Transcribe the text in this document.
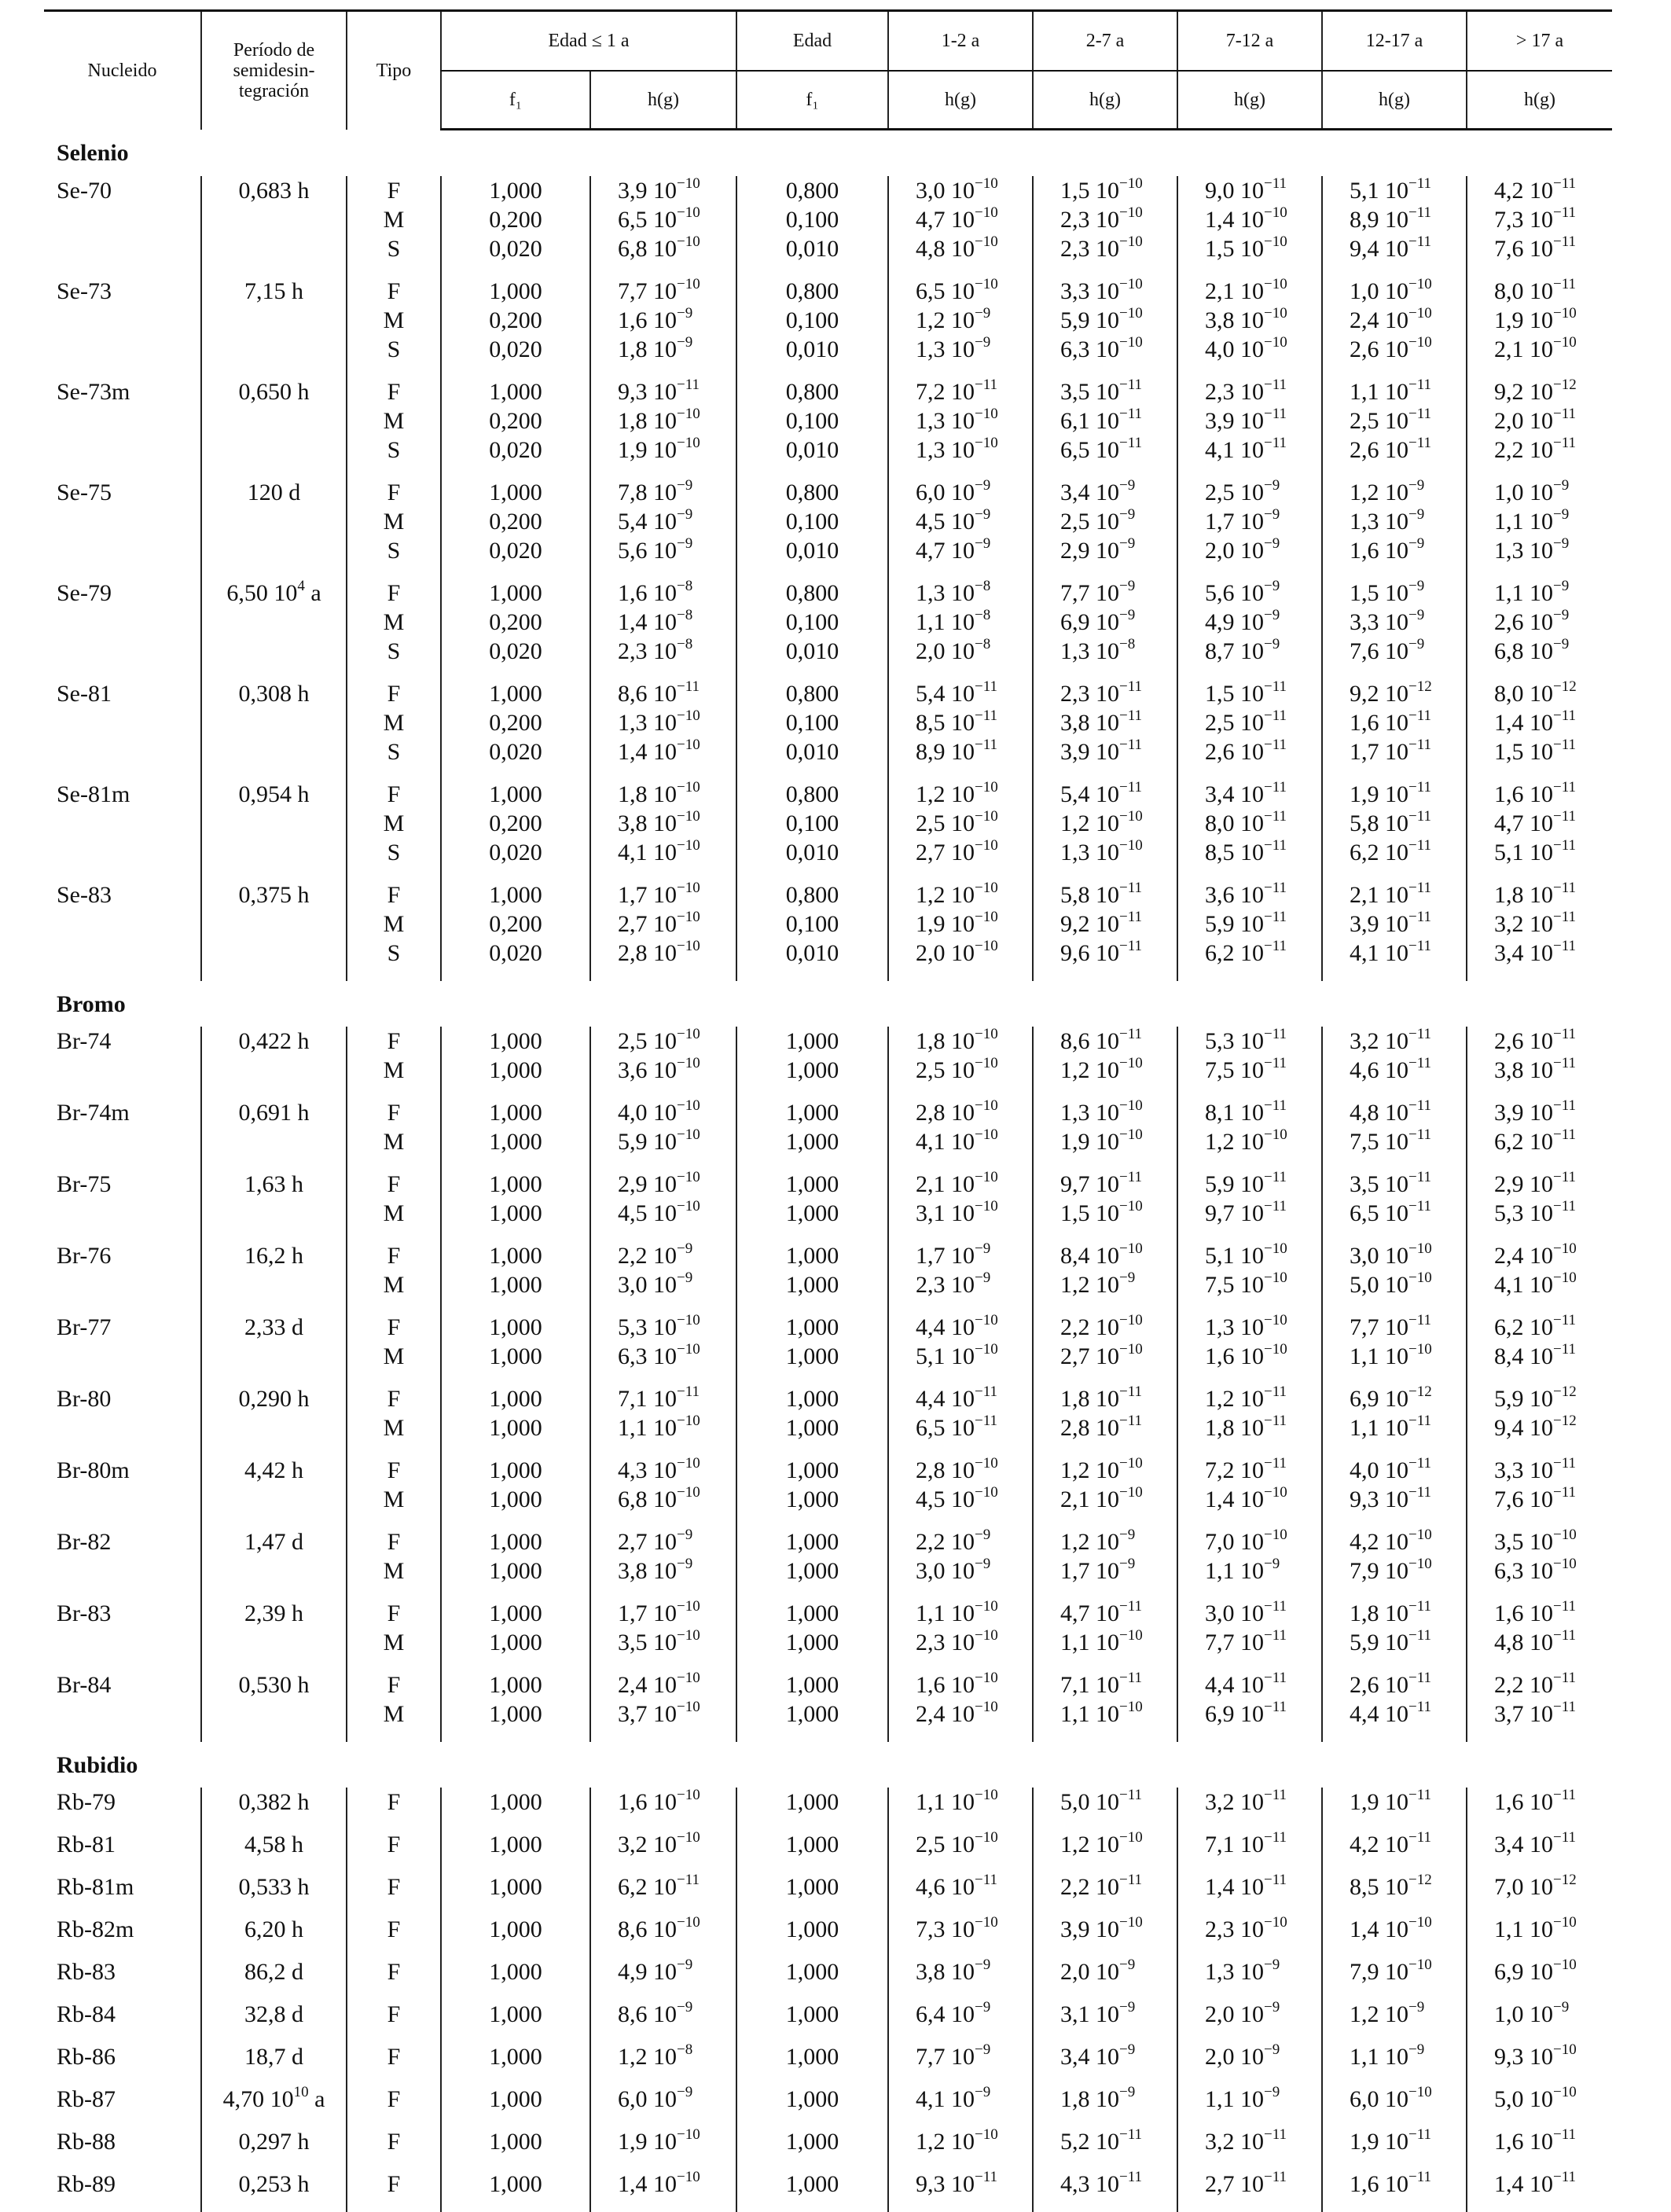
Nucleido	Período de semidesin- tegración	Tipo	Edad ≤ 1 a		Edad	1-2 a	2-7 a	7-12 a	12-17 a	> 17 a
			f₁	h(g)	f₁	h(g)	h(g)	h(g)	h(g)	h(g)
Selenio										
Se-70	0,683 h	F	1,000	3,9 $10^{-10}$	0,800	3,0 $10^{-10}$	1,5 $10^{-10}$	9,0 $10^{-11}$	5,1 $10^{-11}$	4,2 $10^{-11}$
		M	0,200	6,5 $10^{-10}$	0,100	4,7 $10^{-10}$	2,3 $10^{-10}$	1,4 $10^{-10}$	8,9 $10^{-11}$	7,3 $10^{-11}$
		S	0,020	6,8 $10^{-10}$	0,010	4,8 $10^{-10}$	2,3 $10^{-10}$	1,5 $10^{-10}$	9,4 $10^{-11}$	7,6 $10^{-11}$

Se-73	7,15 h	F	1,000	7,7 $10^{-10}$	0,800	6,5 $10^{-10}$	3,3 $10^{-10}$	2,1 $10^{-10}$	1,0 $10^{-10}$	8,0 $10^{-11}$
		M	0,200	1,6 $10^{-9}$	0,100	1,2 $10^{-9}$	5,9 $10^{-10}$	3,8 $10^{-10}$	2,4 $10^{-10}$	1,9 $10^{-10}$
		S	0,020	1,8 $10^{-9}$	0,010	1,3 $10^{-9}$	6,3 $10^{-10}$	4,0 $10^{-10}$	2,6 $10^{-10}$	2,1 $10^{-10}$

Se-73m	0,650 h	F	1,000	9,3 $10^{-11}$	0,800	7,2 $10^{-11}$	3,5 $10^{-11}$	2,3 $10^{-11}$	1,1 $10^{-11}$	9,2 $10^{-12}$
		M	0,200	1,8 $10^{-10}$	0,100	1,3 $10^{-10}$	6,1 $10^{-11}$	3,9 $10^{-11}$	2,5 $10^{-11}$	2,0 $10^{-11}$
		S	0,020	1,9 $10^{-10}$	0,010	1,3 $10^{-10}$	6,5 $10^{-11}$	4,1 $10^{-11}$	2,6 $10^{-11}$	2,2 $10^{-11}$

Se-75	120 d	F	1,000	7,8 $10^{-9}$	0,800	6,0 $10^{-9}$	3,4 $10^{-9}$	2,5 $10^{-9}$	1,2 $10^{-9}$	1,0 $10^{-9}$
		M	0,200	5,4 $10^{-9}$	0,100	4,5 $10^{-9}$	2,5 $10^{-9}$	1,7 $10^{-9}$	1,3 $10^{-9}$	1,1 $10^{-9}$
		S	0,020	5,6 $10^{-9}$	0,010	4,7 $10^{-9}$	2,9 $10^{-9}$	2,0 $10^{-9}$	1,6 $10^{-9}$	1,3 $10^{-9}$

Se-79	6,50 $10^4$ a	F	1,000	1,6 $10^{-8}$	0,800	1,3 $10^{-8}$	7,7 $10^{-9}$	5,6 $10^{-9}$	1,5 $10^{-9}$	1,1 $10^{-9}$
		M	0,200	1,4 $10^{-8}$	0,100	1,1 $10^{-8}$	6,9 $10^{-9}$	4,9 $10^{-9}$	3,3 $10^{-9}$	2,6 $10^{-9}$
		S	0,020	2,3 $10^{-8}$	0,010	2,0 $10^{-8}$	1,3 $10^{-8}$	8,7 $10^{-9}$	7,6 $10^{-9}$	6,8 $10^{-9}$

Se-81	0,308 h	F	1,000	8,6 $10^{-11}$	0,800	5,4 $10^{-11}$	2,3 $10^{-11}$	1,5 $10^{-11}$	9,2 $10^{-12}$	8,0 $10^{-12}$
		M	0,200	1,3 $10^{-10}$	0,100	8,5 $10^{-11}$	3,8 $10^{-11}$	2,5 $10^{-11}$	1,6 $10^{-11}$	1,4 $10^{-11}$
		S	0,020	1,4 $10^{-10}$	0,010	8,9 $10^{-11}$	3,9 $10^{-11}$	2,6 $10^{-11}$	1,7 $10^{-11}$	1,5 $10^{-11}$

Se-81m	0,954 h	F	1,000	1,8 $10^{-10}$	0,800	1,2 $10^{-10}$	5,4 $10^{-11}$	3,4 $10^{-11}$	1,9 $10^{-11}$	1,6 $10^{-11}$
		M	0,200	3,8 $10^{-10}$	0,100	2,5 $10^{-10}$	1,2 $10^{-10}$	8,0 $10^{-11}$	5,8 $10^{-11}$	4,7 $10^{-11}$
		S	0,020	4,1 $10^{-10}$	0,010	2,7 $10^{-10}$	1,3 $10^{-10}$	8,5 $10^{-11}$	6,2 $10^{-11}$	5,1 $10^{-11}$

Se-83	0,375 h	F	1,000	1,7 $10^{-10}$	0,800	1,2 $10^{-10}$	5,8 $10^{-11}$	3,6 $10^{-11}$	2,1 $10^{-11}$	1,8 $10^{-11}$
		M	0,200	2,7 $10^{-10}$	0,100	1,9 $10^{-10}$	9,2 $10^{-11}$	5,9 $10^{-11}$	3,9 $10^{-11}$	3,2 $10^{-11}$
		S	0,020	2,8 $10^{-10}$	0,010	2,0 $10^{-10}$	9,6 $10^{-11}$	6,2 $10^{-11}$	4,1 $10^{-11}$	3,4 $10^{-11}$

Bromo										
Br-74	0,422 h	F	1,000	2,5 $10^{-10}$	1,000	1,8 $10^{-10}$	8,6 $10^{-11}$	5,3 $10^{-11}$	3,2 $10^{-11}$	2,6 $10^{-11}$
		M	1,000	3,6 $10^{-10}$	1,000	2,5 $10^{-10}$	1,2 $10^{-10}$	7,5 $10^{-11}$	4,6 $10^{-11}$	3,8 $10^{-11}$

Br-74m	0,691 h	F	1,000	4,0 $10^{-10}$	1,000	2,8 $10^{-10}$	1,3 $10^{-10}$	8,1 $10^{-11}$	4,8 $10^{-11}$	3,9 $10^{-11}$
		M	1,000	5,9 $10^{-10}$	1,000	4,1 $10^{-10}$	1,9 $10^{-10}$	1,2 $10^{-10}$	7,5 $10^{-11}$	6,2 $10^{-11}$

Br-75	1,63 h	F	1,000	2,9 $10^{-10}$	1,000	2,1 $10^{-10}$	9,7 $10^{-11}$	5,9 $10^{-11}$	3,5 $10^{-11}$	2,9 $10^{-11}$
		M	1,000	4,5 $10^{-10}$	1,000	3,1 $10^{-10}$	1,5 $10^{-10}$	9,7 $10^{-11}$	6,5 $10^{-11}$	5,3 $10^{-11}$

Br-76	16,2 h	F	1,000	2,2 $10^{-9}$	1,000	1,7 $10^{-9}$	8,4 $10^{-10}$	5,1 $10^{-10}$	3,0 $10^{-10}$	2,4 $10^{-10}$
		M	1,000	3,0 $10^{-9}$	1,000	2,3 $10^{-9}$	1,2 $10^{-9}$	7,5 $10^{-10}$	5,0 $10^{-10}$	4,1 $10^{-10}$

Br-77	2,33 d	F	1,000	5,3 $10^{-10}$	1,000	4,4 $10^{-10}$	2,2 $10^{-10}$	1,3 $10^{-10}$	7,7 $10^{-11}$	6,2 $10^{-11}$
		M	1,000	6,3 $10^{-10}$	1,000	5,1 $10^{-10}$	2,7 $10^{-10}$	1,6 $10^{-10}$	1,1 $10^{-10}$	8,4 $10^{-11}$

Br-80	0,290 h	F	1,000	7,1 $10^{-11}$	1,000	4,4 $10^{-11}$	1,8 $10^{-11}$	1,2 $10^{-11}$	6,9 $10^{-12}$	5,9 $10^{-12}$
		M	1,000	1,1 $10^{-10}$	1,000	6,5 $10^{-11}$	2,8 $10^{-11}$	1,8 $10^{-11}$	1,1 $10^{-11}$	9,4 $10^{-12}$

Br-80m	4,42 h	F	1,000	4,3 $10^{-10}$	1,000	2,8 $10^{-10}$	1,2 $10^{-10}$	7,2 $10^{-11}$	4,0 $10^{-11}$	3,3 $10^{-11}$
		M	1,000	6,8 $10^{-10}$	1,000	4,5 $10^{-10}$	2,1 $10^{-10}$	1,4 $10^{-10}$	9,3 $10^{-11}$	7,6 $10^{-11}$

Br-82	1,47 d	F	1,000	2,7 $10^{-9}$	1,000	2,2 $10^{-9}$	1,2 $10^{-9}$	7,0 $10^{-10}$	4,2 $10^{-10}$	3,5 $10^{-10}$
		M	1,000	3,8 $10^{-9}$	1,000	3,0 $10^{-9}$	1,7 $10^{-9}$	1,1 $10^{-9}$	7,9 $10^{-10}$	6,3 $10^{-10}$

Br-83	2,39 h	F	1,000	1,7 $10^{-10}$	1,000	1,1 $10^{-10}$	4,7 $10^{-11}$	3,0 $10^{-11}$	1,8 $10^{-11}$	1,6 $10^{-11}$
		M	1,000	3,5 $10^{-10}$	1,000	2,3 $10^{-10}$	1,1 $10^{-10}$	7,7 $10^{-11}$	5,9 $10^{-11}$	4,8 $10^{-11}$

Br-84	0,530 h	F	1,000	2,4 $10^{-10}$	1,000	1,6 $10^{-10}$	7,1 $10^{-11}$	4,4 $10^{-11}$	2,6 $10^{-11}$	2,2 $10^{-11}$
		M	1,000	3,7 $10^{-10}$	1,000	2,4 $10^{-10}$	1,1 $10^{-10}$	6,9 $10^{-11}$	4,4 $10^{-11}$	3,7 $10^{-11}$

Rubidio										
Rb-79	0,382 h	F	1,000	1,6 $10^{-10}$	1,000	1,1 $10^{-10}$	5,0 $10^{-11}$	3,2 $10^{-11}$	1,9 $10^{-11}$	1,6 $10^{-11}$

Rb-81	4,58 h	F	1,000	3,2 $10^{-10}$	1,000	2,5 $10^{-10}$	1,2 $10^{-10}$	7,1 $10^{-11}$	4,2 $10^{-11}$	3,4 $10^{-11}$

Rb-81m	0,533 h	F	1,000	6,2 $10^{-11}$	1,000	4,6 $10^{-11}$	2,2 $10^{-11}$	1,4 $10^{-11}$	8,5 $10^{-12}$	7,0 $10^{-12}$

Rb-82m	6,20 h	F	1,000	8,6 $10^{-10}$	1,000	7,3 $10^{-10}$	3,9 $10^{-10}$	2,3 $10^{-10}$	1,4 $10^{-10}$	1,1 $10^{-10}$

Rb-83	86,2 d	F	1,000	4,9 $10^{-9}$	1,000	3,8 $10^{-9}$	2,0 $10^{-9}$	1,3 $10^{-9}$	7,9 $10^{-10}$	6,9 $10^{-10}$

Rb-84	32,8 d	F	1,000	8,6 $10^{-9}$	1,000	6,4 $10^{-9}$	3,1 $10^{-9}$	2,0 $10^{-9}$	1,2 $10^{-9}$	1,0 $10^{-9}$

Rb-86	18,7 d	F	1,000	1,2 $10^{-8}$	1,000	7,7 $10^{-9}$	3,4 $10^{-9}$	2,0 $10^{-9}$	1,1 $10^{-9}$	9,3 $10^{-10}$

Rb-87	4,70 $10^{10}$ a	F	1,000	6,0 $10^{-9}$	1,000	4,1 $10^{-9}$	1,8 $10^{-9}$	1,1 $10^{-9}$	6,0 $10^{-10}$	5,0 $10^{-10}$

Rb-88	0,297 h	F	1,000	1,9 $10^{-10}$	1,000	1,2 $10^{-10}$	5,2 $10^{-11}$	3,2 $10^{-11}$	1,9 $10^{-11}$	1,6 $10^{-11}$

Rb-89	0,253 h	F	1,000	1,4 $10^{-10}$	1,000	9,3 $10^{-11}$	4,3 $10^{-11}$	2,7 $10^{-11}$	1,6 $10^{-11}$	1,4 $10^{-11}$
